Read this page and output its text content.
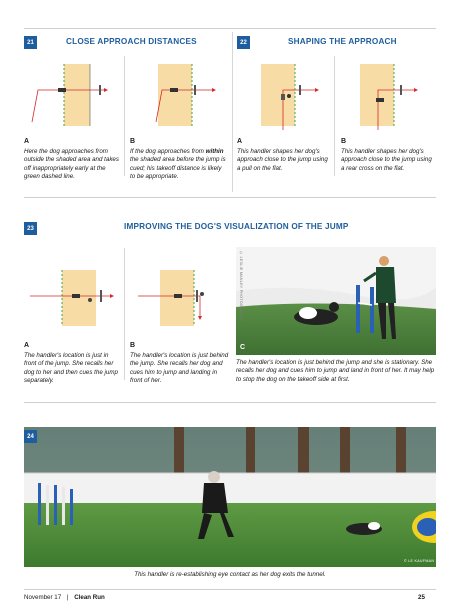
21	CLOSE APPROACH DISTANCES
A
Here the dog approaches from outside the shaded area and takes off inappropriately early at the green dashed line.
B
If the dog approaches from within the shaded area before the jump is cued; his takeoff distance is likely to be appropriate.
22	SHAPING THE APPROACH
A
This handler shapes her dog's approach close to the jump using a pull on the flat.
B
This handler shapes her dog's approach close to the jump using a rear cross on the flat.
23	IMPROVING THE DOG'S VISUALIZATION OF THE JUMP
A
The handler's location is just in front of the jump. She recalls her dog to her and then cues the jump separately.
B
The handler's location is just behind the jump. She recalls her dog and cues him to jump and landing in front of her.
© LESLIE MANLEY PHOTOGRAPHY
C
The handler's location is just behind the jump and she is stationary. She recalls her dog and cues him to jump and land in front of her. It may help to stop the dog on the takeoff side at first.
© LE KAUFMAN
24
This handler is re-establishing eye contact as her dog exits the tunnel.
November 17 | Clean Run	25
